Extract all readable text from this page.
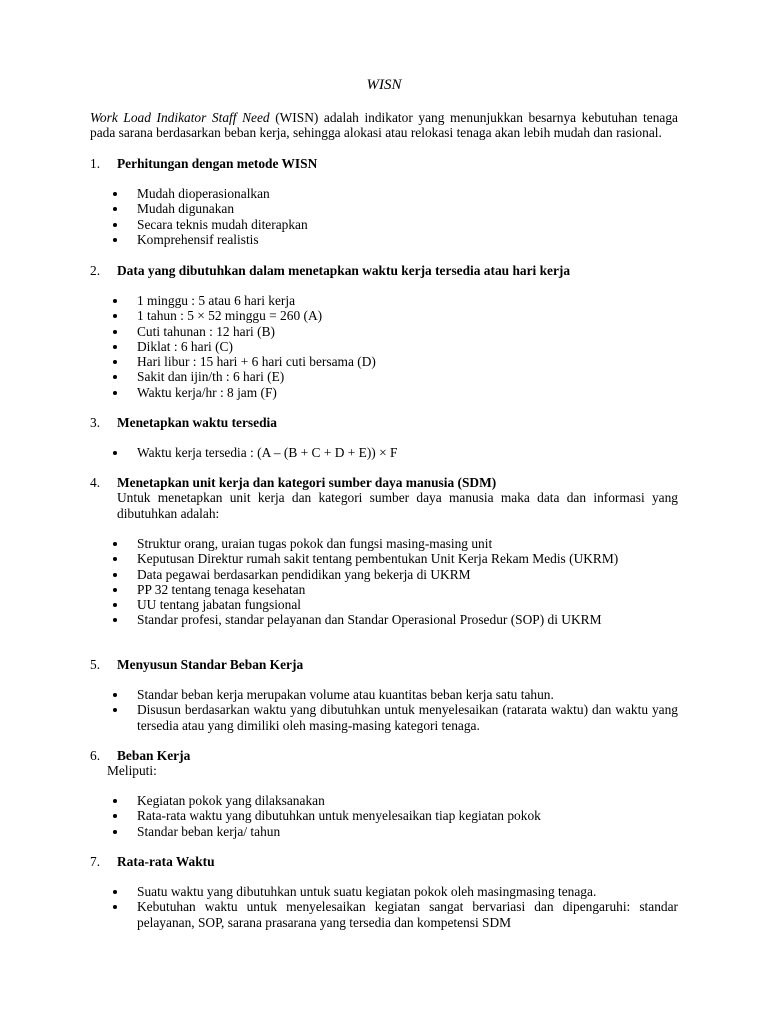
WISN
Work Load Indikator Staff Need (WISN) adalah indikator yang menunjukkan besarnya kebutuhan tenaga pada sarana berdasarkan beban kerja, sehingga alokasi atau relokasi tenaga akan lebih mudah dan rasional.
1.	Perhitungan dengan metode WISN
Mudah dioperasionalkan
Mudah digunakan
Secara teknis mudah diterapkan
Komprehensif realistis
2.	Data yang dibutuhkan dalam menetapkan waktu kerja tersedia atau hari kerja
1 minggu : 5 atau 6 hari kerja
1 tahun : 5 × 52 minggu = 260 (A)
Cuti tahunan : 12 hari (B)
Diklat : 6 hari (C)
Hari libur : 15 hari + 6 hari cuti bersama (D)
Sakit dan ijin/th : 6 hari (E)
Waktu kerja/hr : 8 jam (F)
3.	Menetapkan waktu tersedia
Waktu kerja tersedia : (A – (B + C + D + E)) × F
4.	Menetapkan unit kerja dan kategori sumber daya manusia (SDM)
Untuk menetapkan unit kerja dan kategori sumber daya manusia maka data dan informasi yang dibutuhkan adalah:
Struktur orang, uraian tugas pokok dan fungsi masing-masing unit
Keputusan Direktur rumah sakit tentang pembentukan Unit Kerja Rekam Medis (UKRM)
Data pegawai berdasarkan pendidikan yang bekerja di UKRM
PP 32 tentang tenaga kesehatan
UU tentang jabatan fungsional
Standar profesi, standar pelayanan dan Standar Operasional Prosedur (SOP) di UKRM
5.	Menyusun Standar Beban Kerja
Standar beban kerja merupakan volume atau kuantitas beban kerja satu tahun.
Disusun berdasarkan waktu yang dibutuhkan untuk menyelesaikan (ratarata waktu) dan waktu yang tersedia atau yang dimiliki oleh masing-masing kategori tenaga.
6.	Beban Kerja
Meliputi:
Kegiatan pokok yang dilaksanakan
Rata-rata waktu yang dibutuhkan untuk menyelesaikan tiap kegiatan pokok
Standar beban kerja/ tahun
7.	Rata-rata Waktu
Suatu waktu yang dibutuhkan untuk suatu kegiatan pokok oleh masingmasing tenaga.
Kebutuhan waktu untuk menyelesaikan kegiatan sangat bervariasi dan dipengaruhi: standar pelayanan, SOP, sarana prasarana yang tersedia dan kompetensi SDM
